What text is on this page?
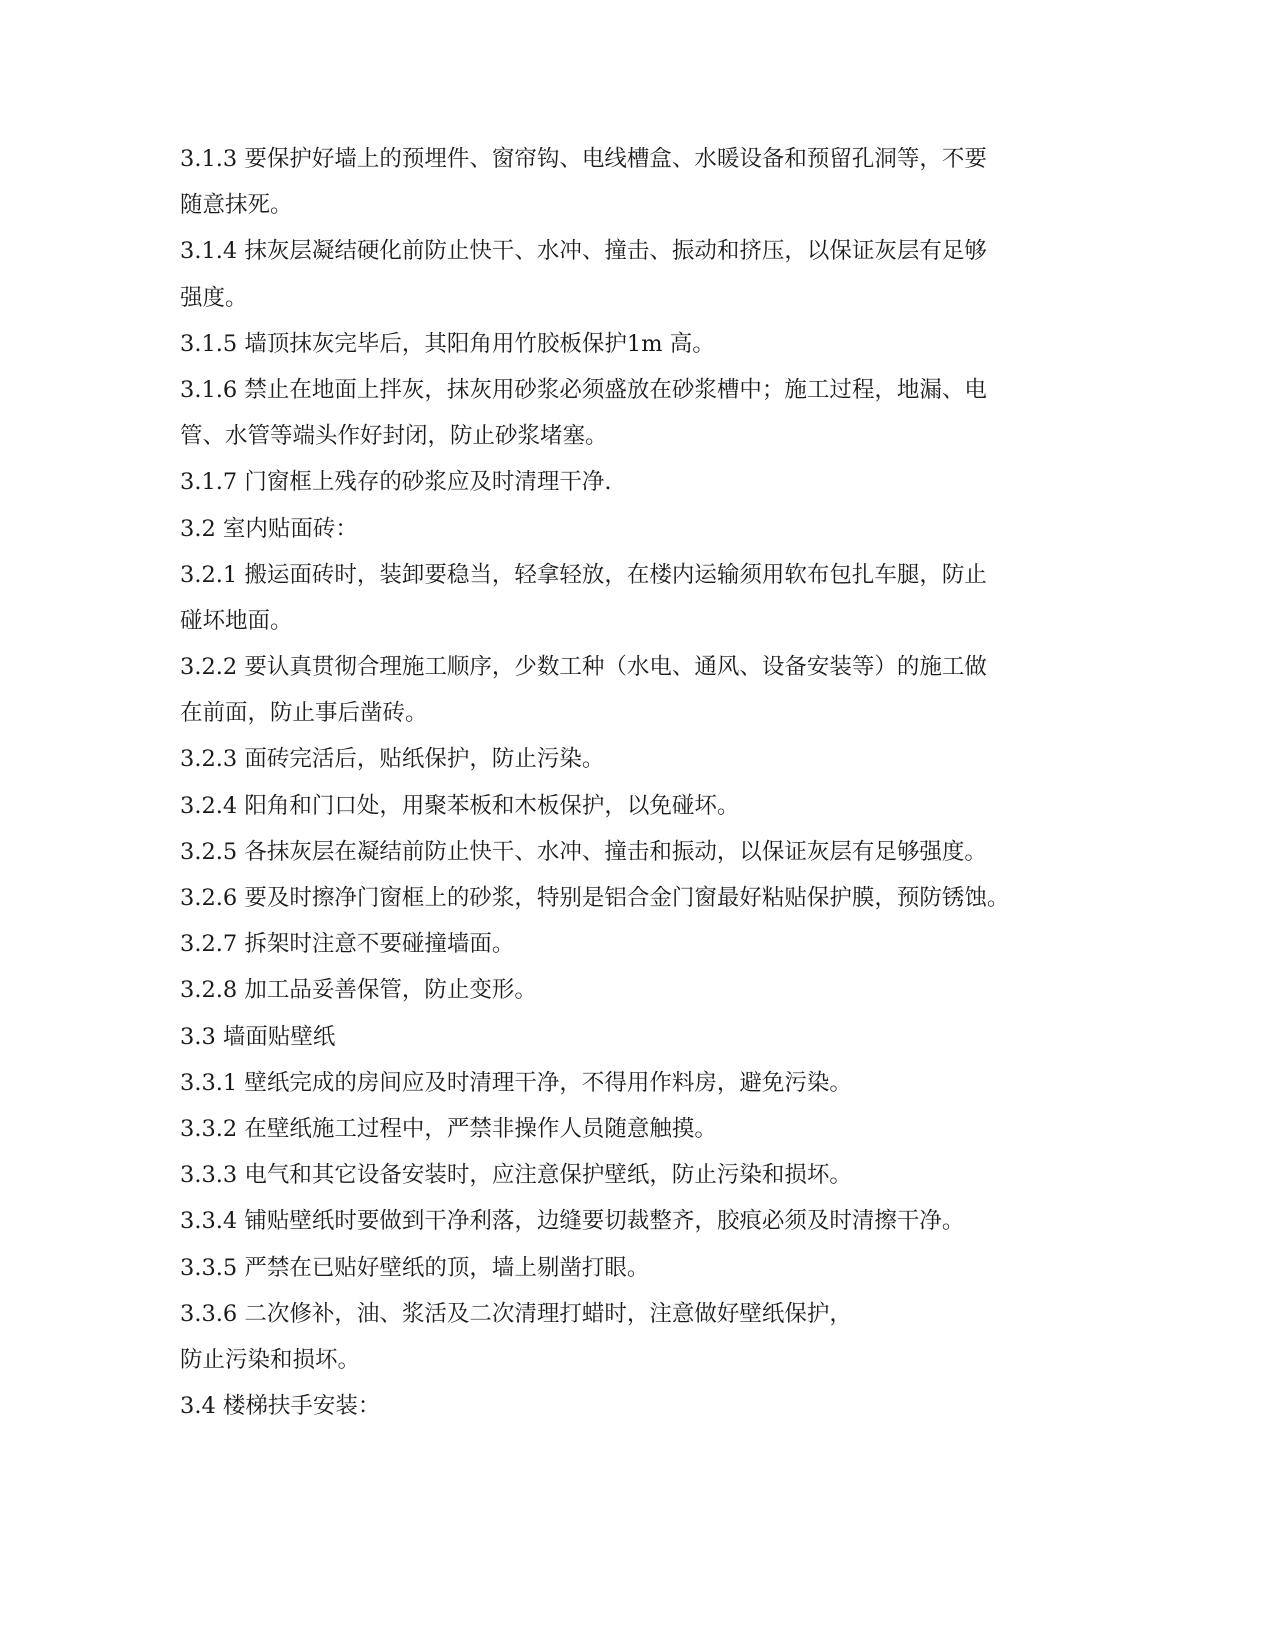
3.1.3 要保护好墙上的预埋件、窗帘钩、电线槽盒、水暖设备和预留孔洞等，不要
随意抹死。
3.1.4 抹灰层凝结硬化前防止快干、水冲、撞击、振动和挤压，以保证灰层有足够
强度。
3.1.5 墙顶抹灰完毕后，其阳角用竹胶板保护1m 高。
3.1.6 禁止在地面上拌灰，抹灰用砂浆必须盛放在砂浆槽中；施工过程，地漏、电
管、水管等端头作好封闭，防止砂浆堵塞。
3.1.7 门窗框上残存的砂浆应及时清理干净.
3.2 室内贴面砖：
3.2.1 搬运面砖时，装卸要稳当，轻拿轻放，在楼内运输须用软布包扎车腿，防止
碰坏地面。
3.2.2 要认真贯彻合理施工顺序，少数工种（水电、通风、设备安装等）的施工做
在前面，防止事后凿砖。
3.2.3 面砖完活后，贴纸保护，防止污染。
3.2.4 阳角和门口处，用聚苯板和木板保护，以免碰坏。
3.2.5 各抹灰层在凝结前防止快干、水冲、撞击和振动，以保证灰层有足够强度。
3.2.6 要及时擦净门窗框上的砂浆，特别是铝合金门窗最好粘贴保护膜，预防锈蚀。
3.2.7 拆架时注意不要碰撞墙面。
3.2.8 加工品妥善保管，防止变形。
3.3 墙面贴壁纸
3.3.1 壁纸完成的房间应及时清理干净，不得用作料房，避免污染。
3.3.2 在壁纸施工过程中，严禁非操作人员随意触摸。
3.3.3 电气和其它设备安装时，应注意保护壁纸，防止污染和损坏。
3.3.4 铺贴壁纸时要做到干净利落，边缝要切裁整齐，胶痕必须及时清擦干净。
3.3.5 严禁在已贴好壁纸的顶，墙上剔凿打眼。
3.3.6 二次修补，油、浆活及二次清理打蜡时，注意做好壁纸保护，
防止污染和损坏。
3.4 楼梯扶手安装：
